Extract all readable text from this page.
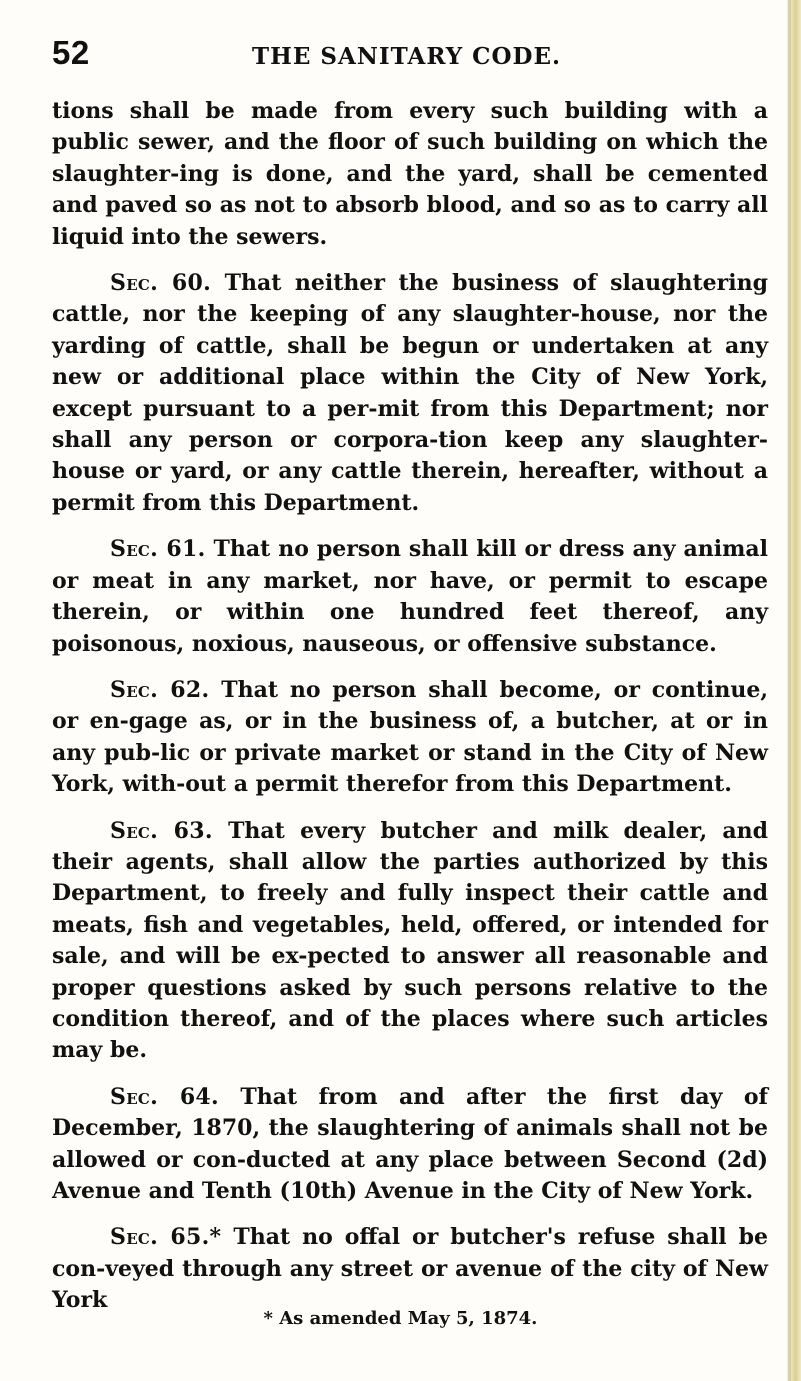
52	THE SANITARY CODE.

tions shall be made from every such building with a public sewer, and the floor of such building on which the slaughter-ing is done, and the yard, shall be cemented and paved so as not to absorb blood, and so as to carry all liquid into the sewers.

Sec. 60. That neither the business of slaughtering cattle, nor the keeping of any slaughter-house, nor the yarding of cattle, shall be begun or undertaken at any new or additional place within the City of New York, except pursuant to a per-mit from this Department; nor shall any person or corpora-tion keep any slaughter-house or yard, or any cattle therein, hereafter, without a permit from this Department.

Sec. 61. That no person shall kill or dress any animal or meat in any market, nor have, or permit to escape therein, or within one hundred feet thereof, any poisonous, noxious, nauseous, or offensive substance.

Sec. 62. That no person shall become, or continue, or en-gage as, or in the business of, a butcher, at or in any pub-lic or private market or stand in the City of New York, with-out a permit therefor from this Department.

Sec. 63. That every butcher and milk dealer, and their agents, shall allow the parties authorized by this Department, to freely and fully inspect their cattle and meats, fish and vegetables, held, offered, or intended for sale, and will be ex-pected to answer all reasonable and proper questions asked by such persons relative to the condition thereof, and of the places where such articles may be.

Sec. 64. That from and after the first day of December, 1870, the slaughtering of animals shall not be allowed or con-ducted at any place between Second (2d) Avenue and Tenth (10th) Avenue in the City of New York.

Sec. 65.* That no offal or butcher's refuse shall be con-veyed through any street or avenue of the city of New York

* As amended May 5, 1874.
